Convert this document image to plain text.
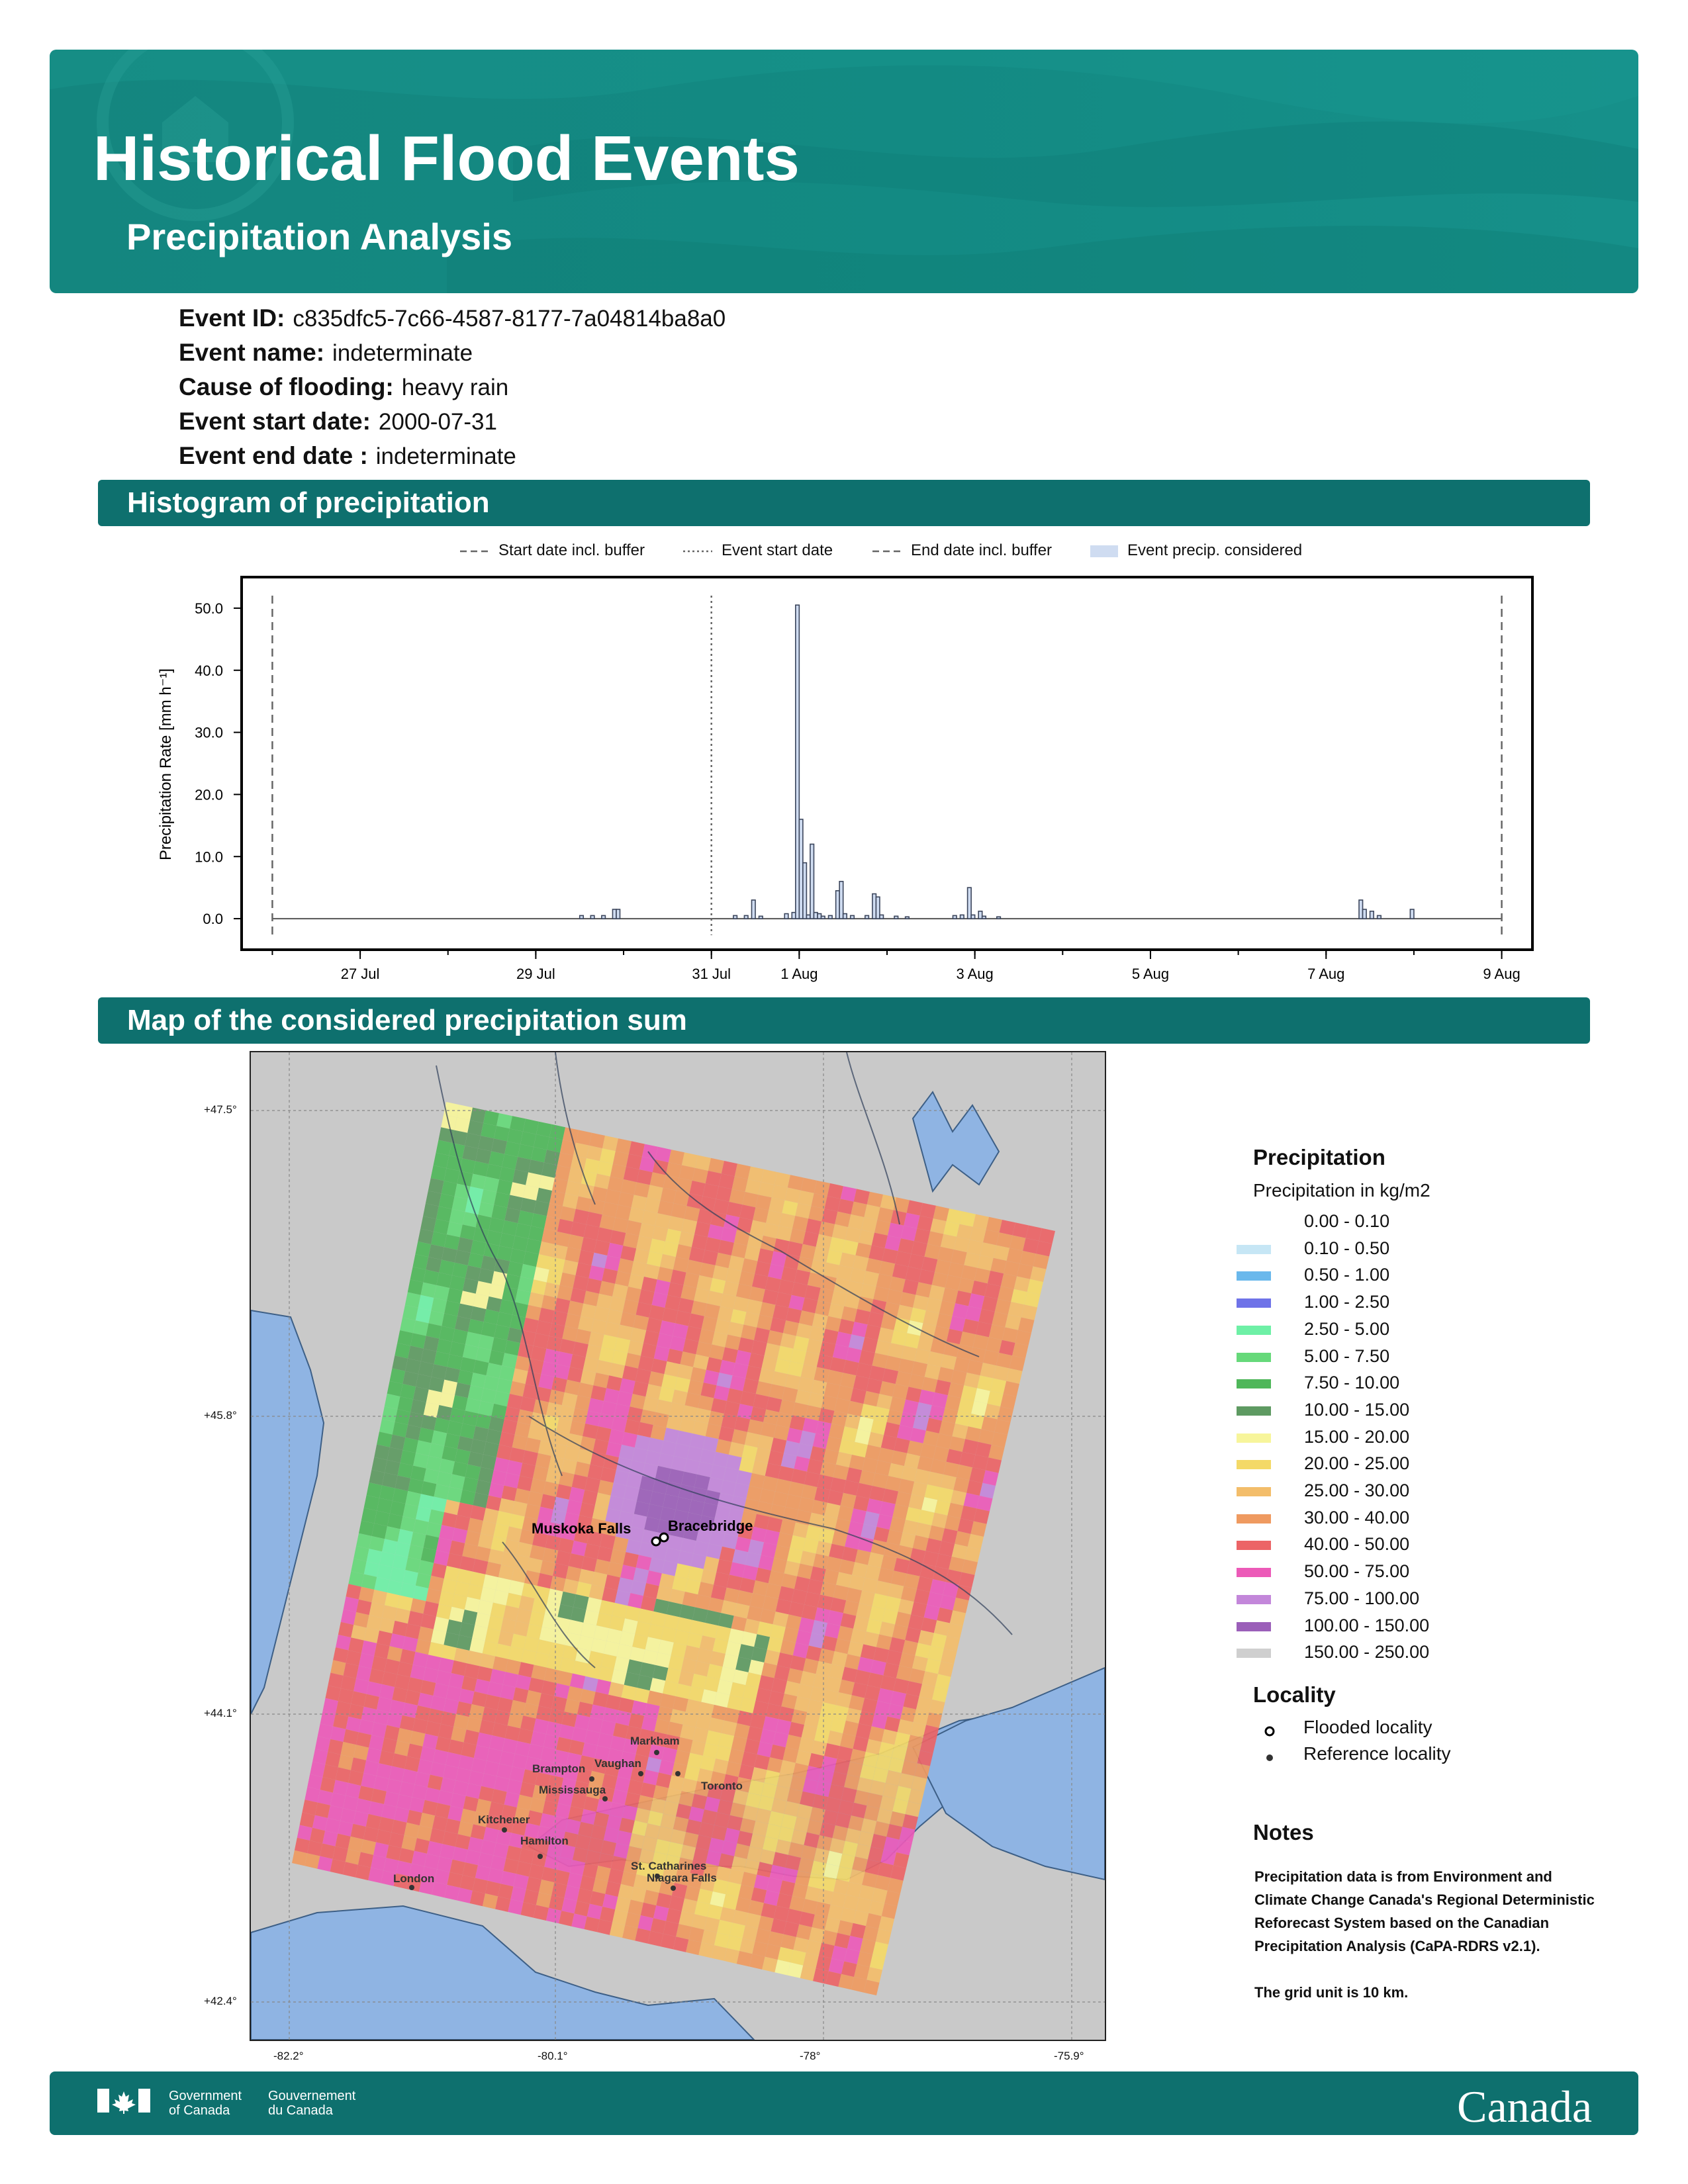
Historical Flood Events
Precipitation Analysis
Event ID: c835dfc5-7c66-4587-8177-7a04814ba8a0
Event name: indeterminate
Cause of flooding: heavy rain
Event start date: 2000-07-31
Event end date : indeterminate
Histogram of precipitation
Start date incl. buffer	Event start date	End date incl. buffer	Event precip. considered
0.0
10.0
20.0
30.0
40.0
50.0
27 Jul	29 Jul	31 Jul	1 Aug	3 Aug	5 Aug	7 Aug	9 Aug
Precipitation Rate [mm h⁻¹]
Map of the considered precipitation sum
Muskoka Falls	Bracebridge
Markham
Vaughan
Toronto
Brampton
Mississauga
Kitchener
Hamilton
St. Catharines
Niagara Falls
London
+47.5°
+45.8°
+44.1°
+42.4°
-82.2°	-80.1°	-78°	-75.9°
Precipitation
Precipitation in kg/m2
0.00 - 0.10
0.10 - 0.50
0.50 - 1.00
1.00 - 2.50
2.50 - 5.00
5.00 - 7.50
7.50 - 10.00
10.00 - 15.00
15.00 - 20.00
20.00 - 25.00
25.00 - 30.00
30.00 - 40.00
40.00 - 50.00
50.00 - 75.00
75.00 - 100.00
100.00 - 150.00
150.00 - 250.00
Locality
Flooded locality
Reference locality
Notes
Precipitation data is from Environment and Climate Change Canada's Regional Deterministic Reforecast System based on the Canadian Precipitation Analysis (CaPA-RDRS v2.1).
The grid unit is 10 km.
Government
of Canada
Gouvernement
du Canada	Canada
